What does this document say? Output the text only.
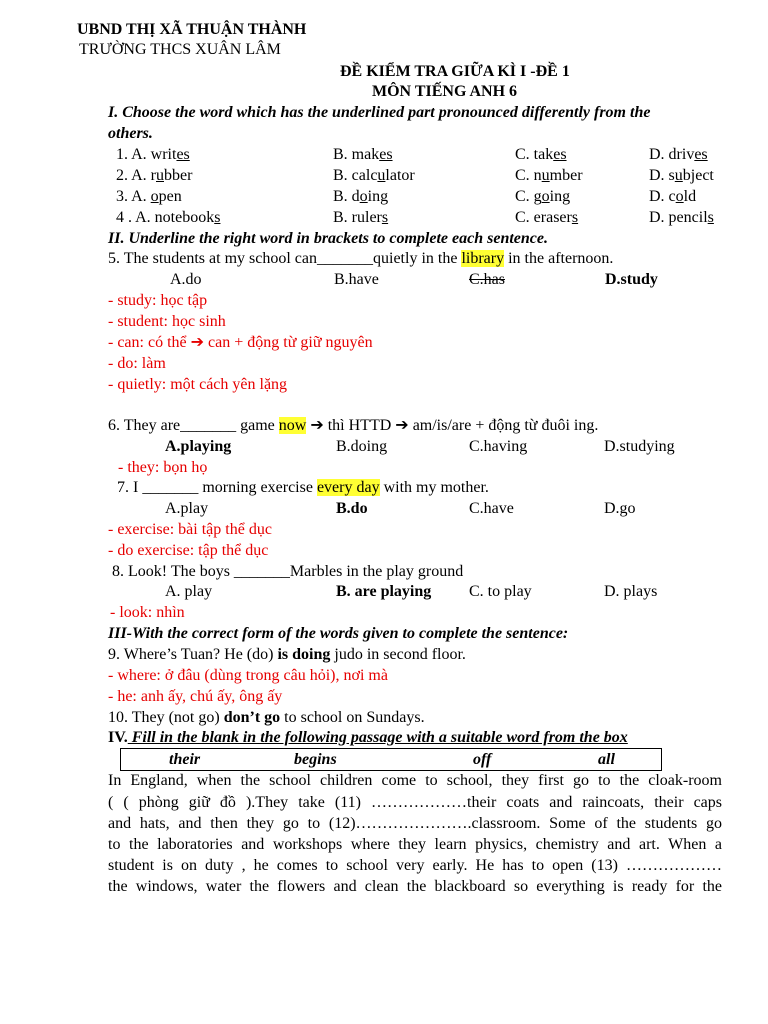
UBND THỊ XÃ THUẬN THÀNH
TRƯỜNG THCS XUÂN LÂM
ĐỀ KIỂM TRA GIỮA KÌ I -ĐỀ 1
MÔN TIẾNG ANH 6
I. Choose the word which has the underlined part pronounced differently from the
others.
1. A. writes	B. makes	C. takes	D. drives
2. A. rubber	B. calculator	C. number	D. subject
3. A. open	B. doing	C. going	D. cold
4 . A. notebooks	B. rulers	C. erasers	D. pencils
II. Underline the right word in brackets to complete each sentence.
5. The students at my school can_______quietly in the library in the afternoon.
A.do	B.have	C.has	D.study
- study: học tập
- student: học sinh
- can: có thể ➔ can + động từ giữ nguyên
- do: làm
- quietly: một cách yên lặng
6. They are_______ game now ➔ thì HTTD ➔ am/is/are + động từ đuôi ing.
A.playing	B.doing	C.having	D.studying
- they: bọn họ
7. I _______ morning exercise every day with my mother.
A.play	B.do	C.have	D.go
- exercise: bài tập thể dục
- do exercise: tập thể dục
8. Look! The boys _______Marbles in the play ground
A. play	B. are playing C. to play	D. plays
- look: nhìn
III-With the correct form of the words given to complete the sentence:
9. Where’s Tuan? He (do) is doing judo in second floor.
- where: ở đâu (dùng trong câu hỏi), nơi mà
- he: anh ấy, chú ấy, ông ấy
10. They (not go) don’t go to school on Sundays.
IV. Fill in the blank in the following passage with a suitable word from the box
their	begins	off	all
In England, when the school children come to school, they first go to the cloak-room
( ( phòng giữ đồ ).They take (11) ………………their coats and raincoats, their caps
and hats, and then they go to (12)………………….classroom. Some of the students go
to the laboratories and workshops where they learn physics, chemistry and art. When a
student is on duty , he comes to school very early. He has to open (13) ………………
the windows, water the flowers and clean the blackboard so everything is ready for the
